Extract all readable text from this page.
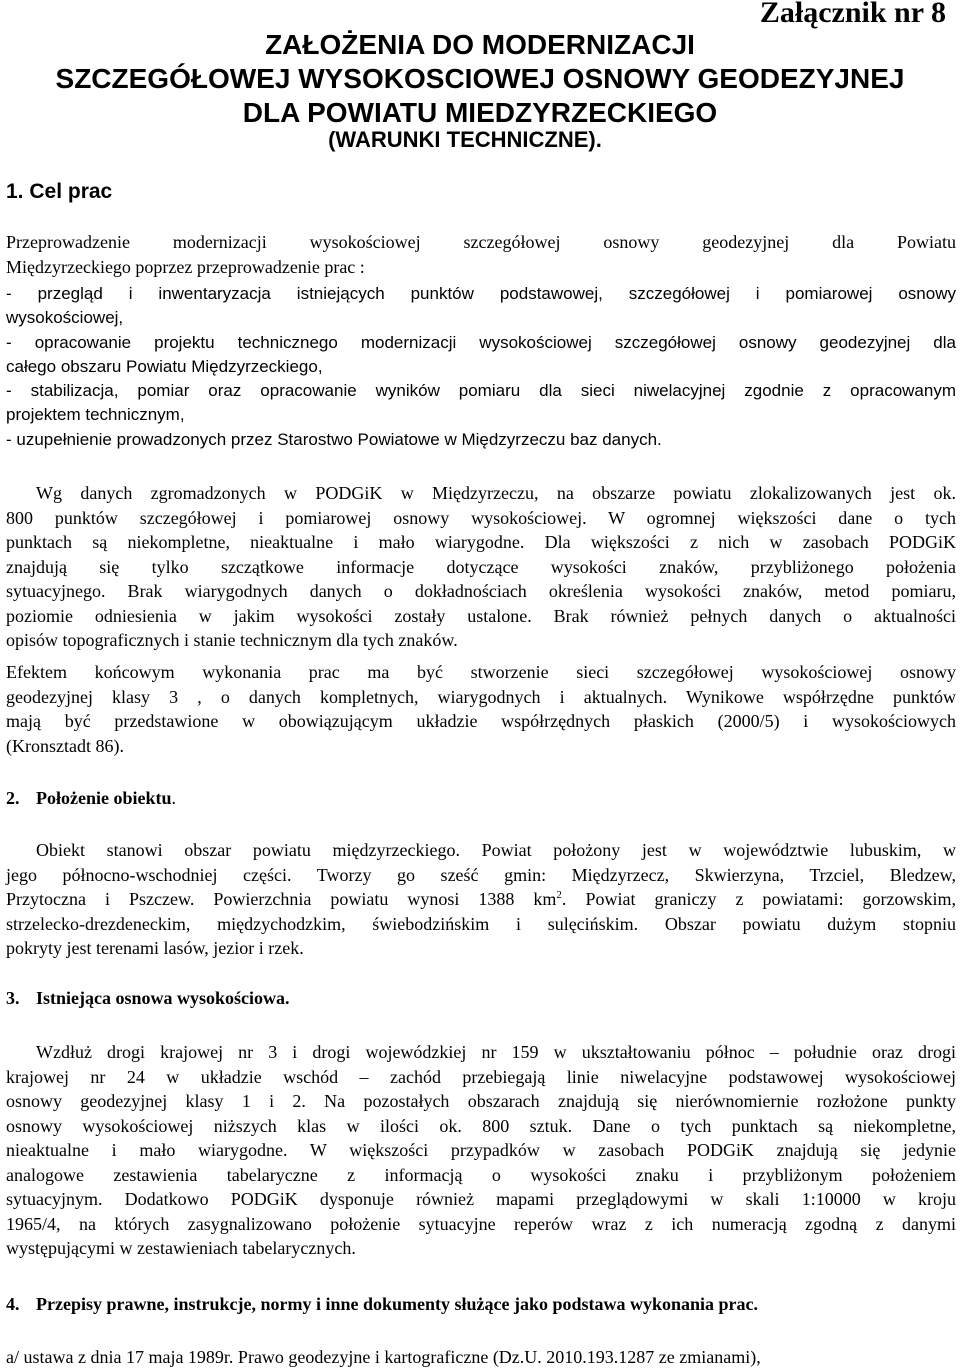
Załącznik nr 8
ZAŁOŻENIA DO MODERNIZACJI
SZCZEGÓŁOWEJ WYSOKOSCIOWEJ OSNOWY GEODEZYJNEJ
DLA POWIATU MIEDZYRZECKIEGO
(WARUNKI TECHNICZNE).
1. Cel prac
Przeprowadzenie modernizacji wysokościowej szczegółowej osnowy geodezyjnej dla Powiatu
Międzyrzeckiego poprzez przeprowadzenie prac :
- przegląd i inwentaryzacja istniejących punktów podstawowej, szczegółowej i pomiarowej osnowy
wysokościowej,
- opracowanie projektu technicznego modernizacji wysokościowej szczegółowej osnowy geodezyjnej dla
całego obszaru Powiatu Międzyrzeckiego,
- stabilizacja, pomiar oraz opracowanie wyników pomiaru dla sieci niwelacyjnej zgodnie z opracowanym
projektem technicznym,
- uzupełnienie prowadzonych przez Starostwo Powiatowe w Międzyrzeczu baz danych.
Wg danych zgromadzonych w PODGiK w Międzyrzeczu, na obszarze powiatu zlokalizowanych jest ok.
800 punktów szczegółowej i pomiarowej osnowy wysokościowej. W ogromnej większości dane o tych
punktach są niekompletne, nieaktualne i mało wiarygodne. Dla większości z nich w zasobach PODGiK
znajdują się tylko szczątkowe informacje dotyczące wysokości znaków, przybliżonego położenia
sytuacyjnego. Brak wiarygodnych danych o dokładnościach określenia wysokości znaków, metod pomiaru,
poziomie odniesienia w jakim wysokości zostały ustalone. Brak również pełnych danych o aktualności
opisów topograficznych i stanie technicznym dla tych znaków.
Efektem końcowym wykonania prac ma być stworzenie sieci szczegółowej wysokościowej osnowy
geodezyjnej klasy 3 , o danych kompletnych, wiarygodnych i aktualnych. Wynikowe współrzędne punktów
mają być przedstawione w obowiązującym układzie współrzędnych płaskich (2000/5) i wysokościowych
(Kronsztadt 86).
2. Położenie obiektu.
Obiekt stanowi obszar powiatu międzyrzeckiego. Powiat położony jest w województwie lubuskim, w
jego północno-wschodniej części. Tworzy go sześć gmin: Międzyrzecz, Skwierzyna, Trzciel, Bledzew,
Przytoczna i Pszczew. Powierzchnia powiatu wynosi 1388 $km^2$. Powiat graniczy z powiatami: gorzowskim,
strzelecko-drezdeneckim, międzychodzkim, świebodzińskim i sulęcińskim. Obszar powiatu dużym stopniu
pokryty jest terenami lasów, jezior i rzek.
3. Istniejąca osnowa wysokościowa.
Wzdłuż drogi krajowej nr 3 i drogi wojewódzkiej nr 159 w ukształtowaniu północ – południe oraz drogi
krajowej nr 24 w układzie wschód – zachód przebiegają linie niwelacyjne podstawowej wysokościowej
osnowy geodezyjnej klasy 1 i 2. Na pozostałych obszarach znajdują się nierównomiernie rozłożone punkty
osnowy wysokościowej niższych klas w ilości ok. 800 sztuk. Dane o tych punktach są niekompletne,
nieaktualne i mało wiarygodne. W większości przypadków w zasobach PODGiK znajdują się jedynie
analogowe zestawienia tabelaryczne z informacją o wysokości znaku i przybliżonym położeniem
sytuacyjnym. Dodatkowo PODGiK dysponuje również mapami przeglądowymi w skali 1:10000 w kroju
1965/4, na których zasygnalizowano położenie sytuacyjne reperów wraz z ich numeracją zgodną z danymi
występującymi w zestawieniach tabelarycznych.
4. Przepisy prawne, instrukcje, normy i inne dokumenty służące jako podstawa wykonania prac.
a/ ustawa z dnia 17 maja 1989r. Prawo geodezyjne i kartograficzne (Dz.U. 2010.193.1287 ze zmianami),
